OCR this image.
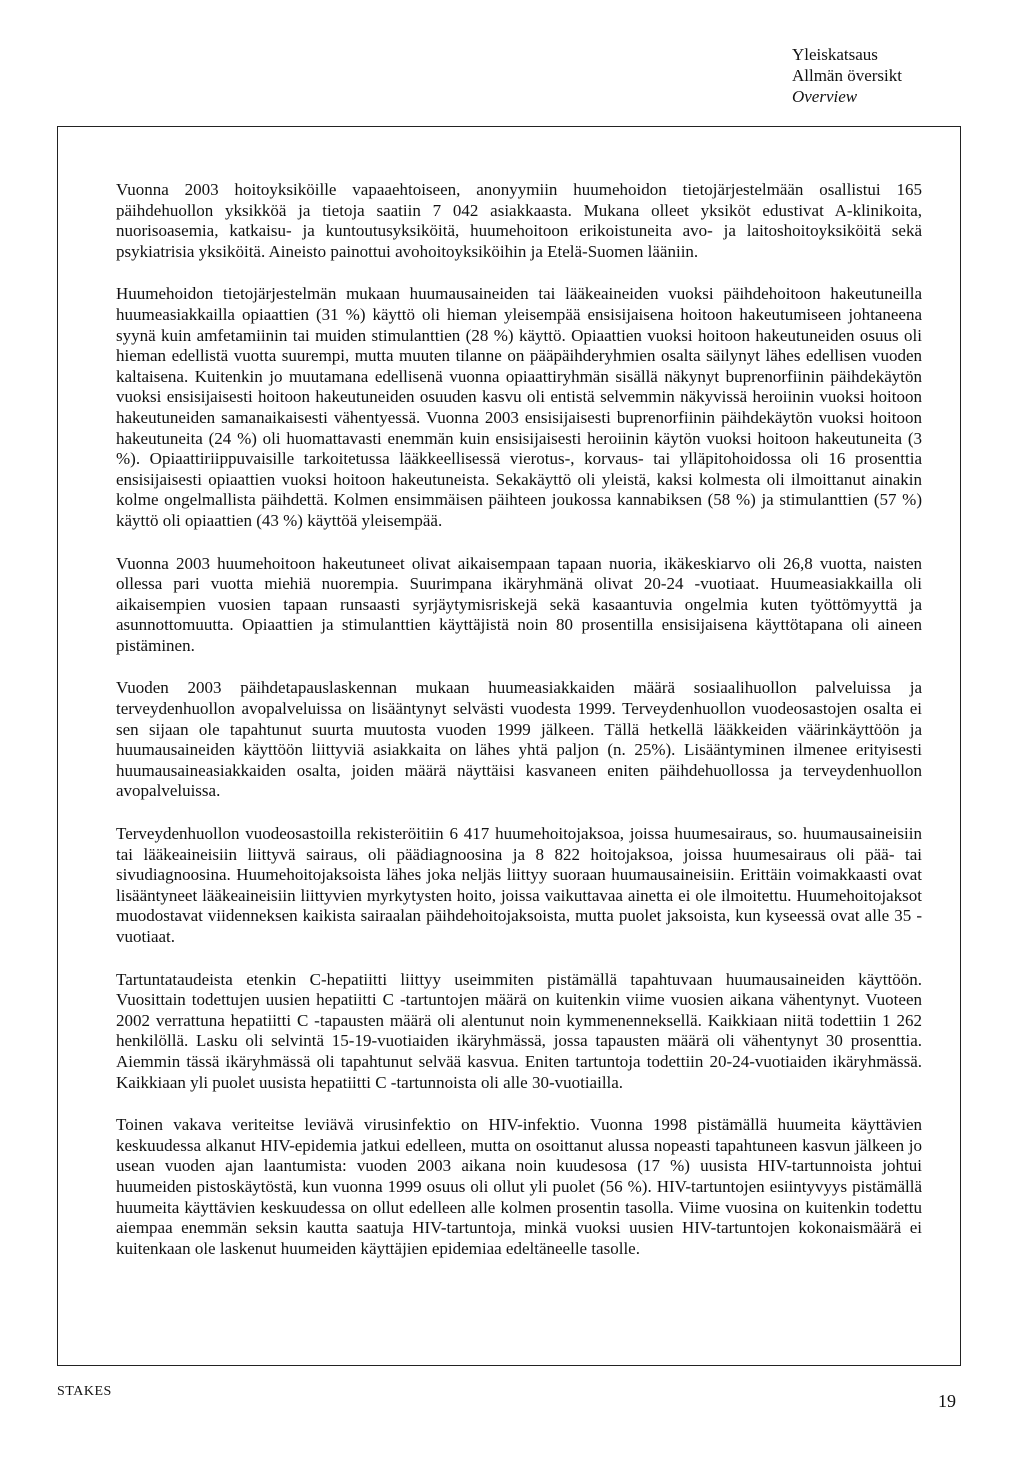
Yleiskatsaus
Allmän översikt
Overview

Vuonna 2003 hoitoyksiköille vapaaehtoiseen, anonyymiin huumehoidon tietojärjestelmään osallistui 165 päihdehuollon yksikköä ja tietoja saatiin 7 042 asiakkaasta. Mukana olleet yksiköt edustivat A-klinikoita, nuorisoasemia, katkaisu- ja kuntoutusyksiköitä, huumehoitoon erikoistuneita avo- ja laitoshoitoyksiköitä sekä psykiatrisia yksiköitä. Aineisto painottui avohoitoyksiköihin ja Etelä-Suomen lääniin.

Huumehoidon tietojärjestelmän mukaan huumausaineiden tai lääkeaineiden vuoksi päihdehoitoon hakeutuneilla huumeasiakkailla opiaattien (31 %) käyttö oli hieman yleisempää ensisijaisena hoitoon hakeutumiseen johtaneena syynä kuin amfetamiinin tai muiden stimulanttien (28 %) käyttö. Opiaattien vuoksi hoitoon hakeutuneiden osuus oli hieman edellistä vuotta suurempi, mutta muuten tilanne on pääpäihderyhmien osalta säilynyt lähes edellisen vuoden kaltaisena. Kuitenkin jo muutamana edellisenä vuonna opiaattiryhmän sisällä näkynyt buprenorfiinin päihdekäytön vuoksi ensisijaisesti hoitoon hakeutuneiden osuuden kasvu oli entistä selvemmin näkyvissä heroiinin vuoksi hoitoon hakeutuneiden samanaikaisesti vähentyessä. Vuonna 2003 ensisijaisesti buprenorfiinin päihdekäytön vuoksi hoitoon hakeutuneita (24 %) oli huomattavasti enemmän kuin ensisijaisesti heroiinin käytön vuoksi hoitoon hakeutuneita (3 %). Opiaattiriippuvaisille tarkoitetussa lääkkeellisessä vierotus-, korvaus- tai ylläpitohoidossa oli 16 prosenttia ensisijaisesti opiaattien vuoksi hoitoon hakeutuneista. Sekakäyttö oli yleistä, kaksi kolmesta oli ilmoittanut ainakin kolme ongelmallista päihdettä. Kolmen ensimmäisen päihteen joukossa kannabiksen (58 %) ja stimulanttien (57 %) käyttö oli opiaattien (43 %) käyttöä yleisempää.

Vuonna 2003 huumehoitoon hakeutuneet olivat aikaisempaan tapaan nuoria, ikäkeskiarvo oli 26,8 vuotta, naisten ollessa pari vuotta miehiä nuorempia. Suurimpana ikäryhmänä olivat 20-24 -vuotiaat. Huumeasiakkailla oli aikaisempien vuosien tapaan runsaasti syrjäytymisriskejä sekä kasaantuvia ongelmia kuten työttömyyttä ja asunnottomuutta. Opiaattien ja stimulanttien käyttäjistä noin 80 prosentilla ensisijaisena käyttötapana oli aineen pistäminen.

Vuoden 2003 päihdetapauslaskennan mukaan huumeasiakkaiden määrä sosiaalihuollon palveluissa ja terveydenhuollon avopalveluissa on lisääntynyt selvästi vuodesta 1999. Terveydenhuollon vuodeosastojen osalta ei sen sijaan ole tapahtunut suurta muutosta vuoden 1999 jälkeen. Tällä hetkellä lääkkeiden väärinkäyttöön ja huumausaineiden käyttöön liittyviä asiakkaita on lähes yhtä paljon (n. 25%). Lisääntyminen ilmenee erityisesti huumausaineasiakkaiden osalta, joiden määrä näyttäisi kasvaneen eniten päihdehuollossa ja terveydenhuollon avopalveluissa.

Terveydenhuollon vuodeosastoilla rekisteröitiin 6 417 huumehoitojaksoa, joissa huumesairaus, so. huumausaineisiin tai lääkeaineisiin liittyvä sairaus, oli päädiagnoosina ja 8 822 hoitojaksoa, joissa huumesairaus oli pää- tai sivudiagnoosina. Huumehoitojaksoista lähes joka neljäs liittyy suoraan huumausaineisiin. Erittäin voimakkaasti ovat lisääntyneet lääkeaineisiin liittyvien myrkytysten hoito, joissa vaikuttavaa ainetta ei ole ilmoitettu. Huumehoitojaksot muodostavat viidenneksen kaikista sairaalan päihdehoitojaksoista, mutta puolet jaksoista, kun kyseessä ovat alle 35 -vuotiaat.

Tartuntataudeista etenkin C-hepatiitti liittyy useimmiten pistämällä tapahtuvaan huumausaineiden käyttöön. Vuosittain todettujen uusien hepatiitti C -tartuntojen määrä on kuitenkin viime vuosien aikana vähentynyt. Vuoteen 2002 verrattuna hepatiitti C -tapausten määrä oli alentunut noin kymmenenneksellä. Kaikkiaan niitä todettiin 1 262 henkilöllä. Lasku oli selvintä 15-19-vuotiaiden ikäryhmässä, jossa tapausten määrä oli vähentynyt 30 prosenttia. Aiemmin tässä ikäryhmässä oli tapahtunut selvää kasvua. Eniten tartuntoja todettiin 20-24-vuotiaiden ikäryhmässä. Kaikkiaan yli puolet uusista hepatiitti C -tartunnoista oli alle 30-vuotiailla.

Toinen vakava veriteitse leviävä virusinfektio on HIV-infektio. Vuonna 1998 pistämällä huumeita käyttävien keskuudessa alkanut HIV-epidemia jatkui edelleen, mutta on osoittanut alussa nopeasti tapahtuneen kasvun jälkeen jo usean vuoden ajan laantumista: vuoden 2003 aikana noin kuudesosa (17 %) uusista HIV-tartunnoista johtui huumeiden pistoskäytöstä, kun vuonna 1999 osuus oli ollut yli puolet (56 %). HIV-tartuntojen esiintyvyys pistämällä huumeita käyttävien keskuudessa on ollut edelleen alle kolmen prosentin tasolla. Viime vuosina on kuitenkin todettu aiempaa enemmän seksin kautta saatuja HIV-tartuntoja, minkä vuoksi uusien HIV-tartuntojen kokonaismäärä ei kuitenkaan ole laskenut huumeiden käyttäjien epidemiaa edeltäneelle tasolle.

STAKES	19
